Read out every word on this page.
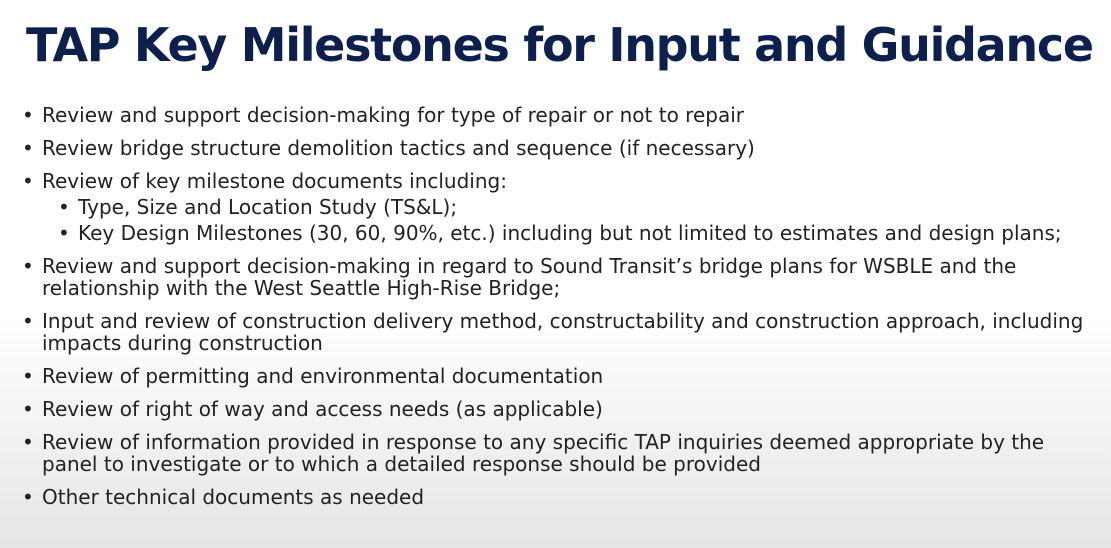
TAP Key Milestones for Input and Guidance
• Review and support decision-making for type of repair or not to repair
• Review bridge structure demolition tactics and sequence (if necessary)
• Review of key milestone documents including:
• Type, Size and Location Study (TS&L);
• Key Design Milestones (30, 60, 90%, etc.) including but not limited to estimates and design plans;
• Review and support decision-making in regard to Sound Transit’s bridge plans for WSBLE and the relationship with the West Seattle High-Rise Bridge;
• Input and review of construction delivery method, constructability and construction approach, including impacts during construction
• Review of permitting and environmental documentation
• Review of right of way and access needs (as applicable)
• Review of information provided in response to any specific TAP inquiries deemed appropriate by the panel to investigate or to which a detailed response should be provided
• Other technical documents as needed
